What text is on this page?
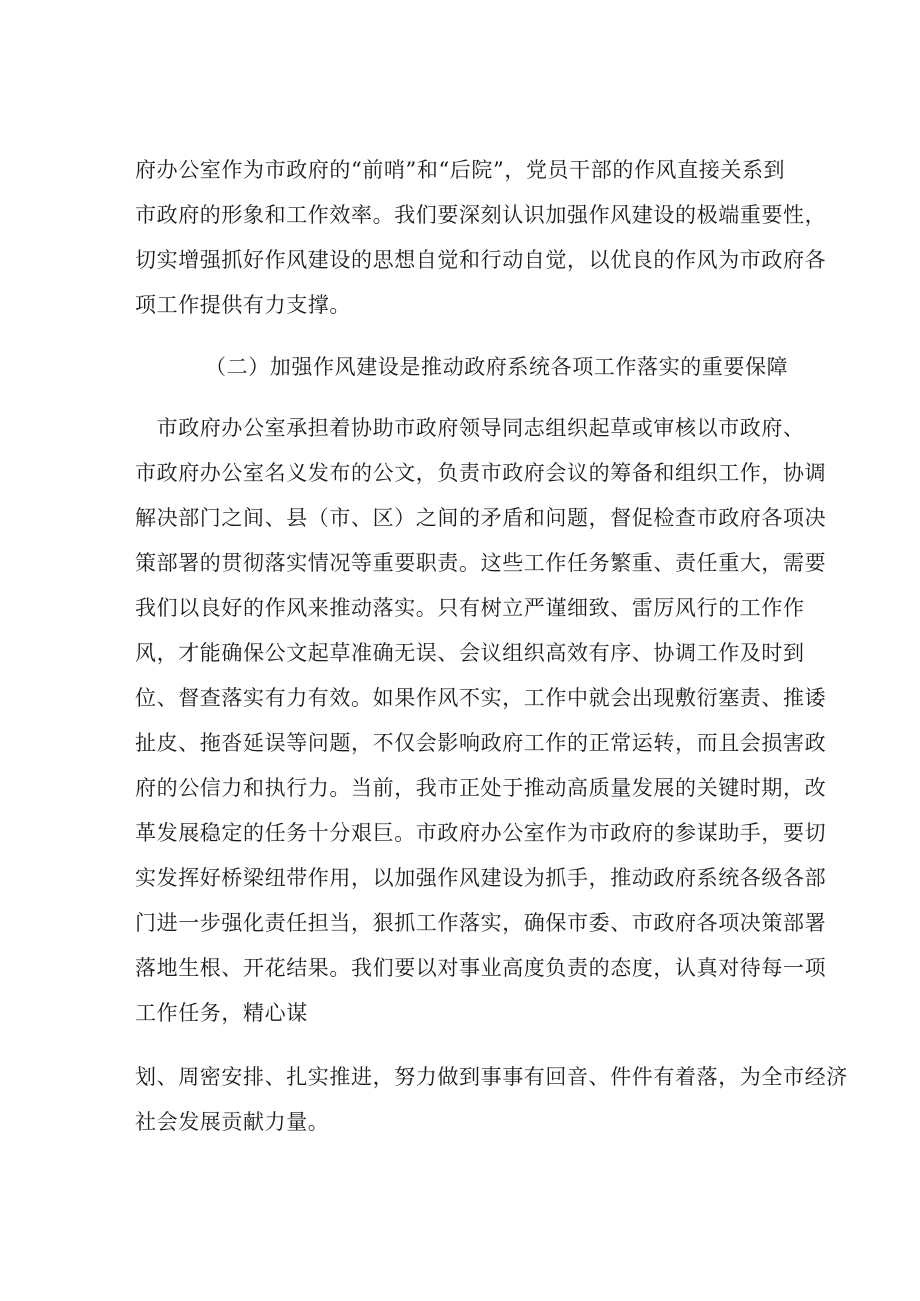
府办公室作为市政府的“前哨”和“后院”，党员干部的作风直接关系到
市政府的形象和工作效率。我们要深刻认识加强作风建设的极端重要性，
切实增强抓好作风建设的思想自觉和行动自觉，以优良的作风为市政府各
项工作提供有力支撑。
（二）加强作风建设是推动政府系统各项工作落实的重要保障
　市政府办公室承担着协助市政府领导同志组织起草或审核以市政府、
市政府办公室名义发布的公文，负责市政府会议的筹备和组织工作，协调
解决部门之间、县（市、区）之间的矛盾和问题，督促检查市政府各项决
策部署的贯彻落实情况等重要职责。这些工作任务繁重、责任重大，需要
我们以良好的作风来推动落实。只有树立严谨细致、雷厉风行的工作作
风，才能确保公文起草准确无误、会议组织高效有序、协调工作及时到
位、督查落实有力有效。如果作风不实，工作中就会出现敷衍塞责、推诿
扯皮、拖沓延误等问题，不仅会影响政府工作的正常运转，而且会损害政
府的公信力和执行力。当前，我市正处于推动高质量发展的关键时期，改
革发展稳定的任务十分艰巨。市政府办公室作为市政府的参谋助手，要切
实发挥好桥梁纽带作用，以加强作风建设为抓手，推动政府系统各级各部
门进一步强化责任担当，狠抓工作落实，确保市委、市政府各项决策部署
落地生根、开花结果。我们要以对事业高度负责的态度，认真对待每一项
工作任务，精心谋
划、周密安排、扎实推进，努力做到事事有回音、件件有着落，为全市经济
社会发展贡献力量。
